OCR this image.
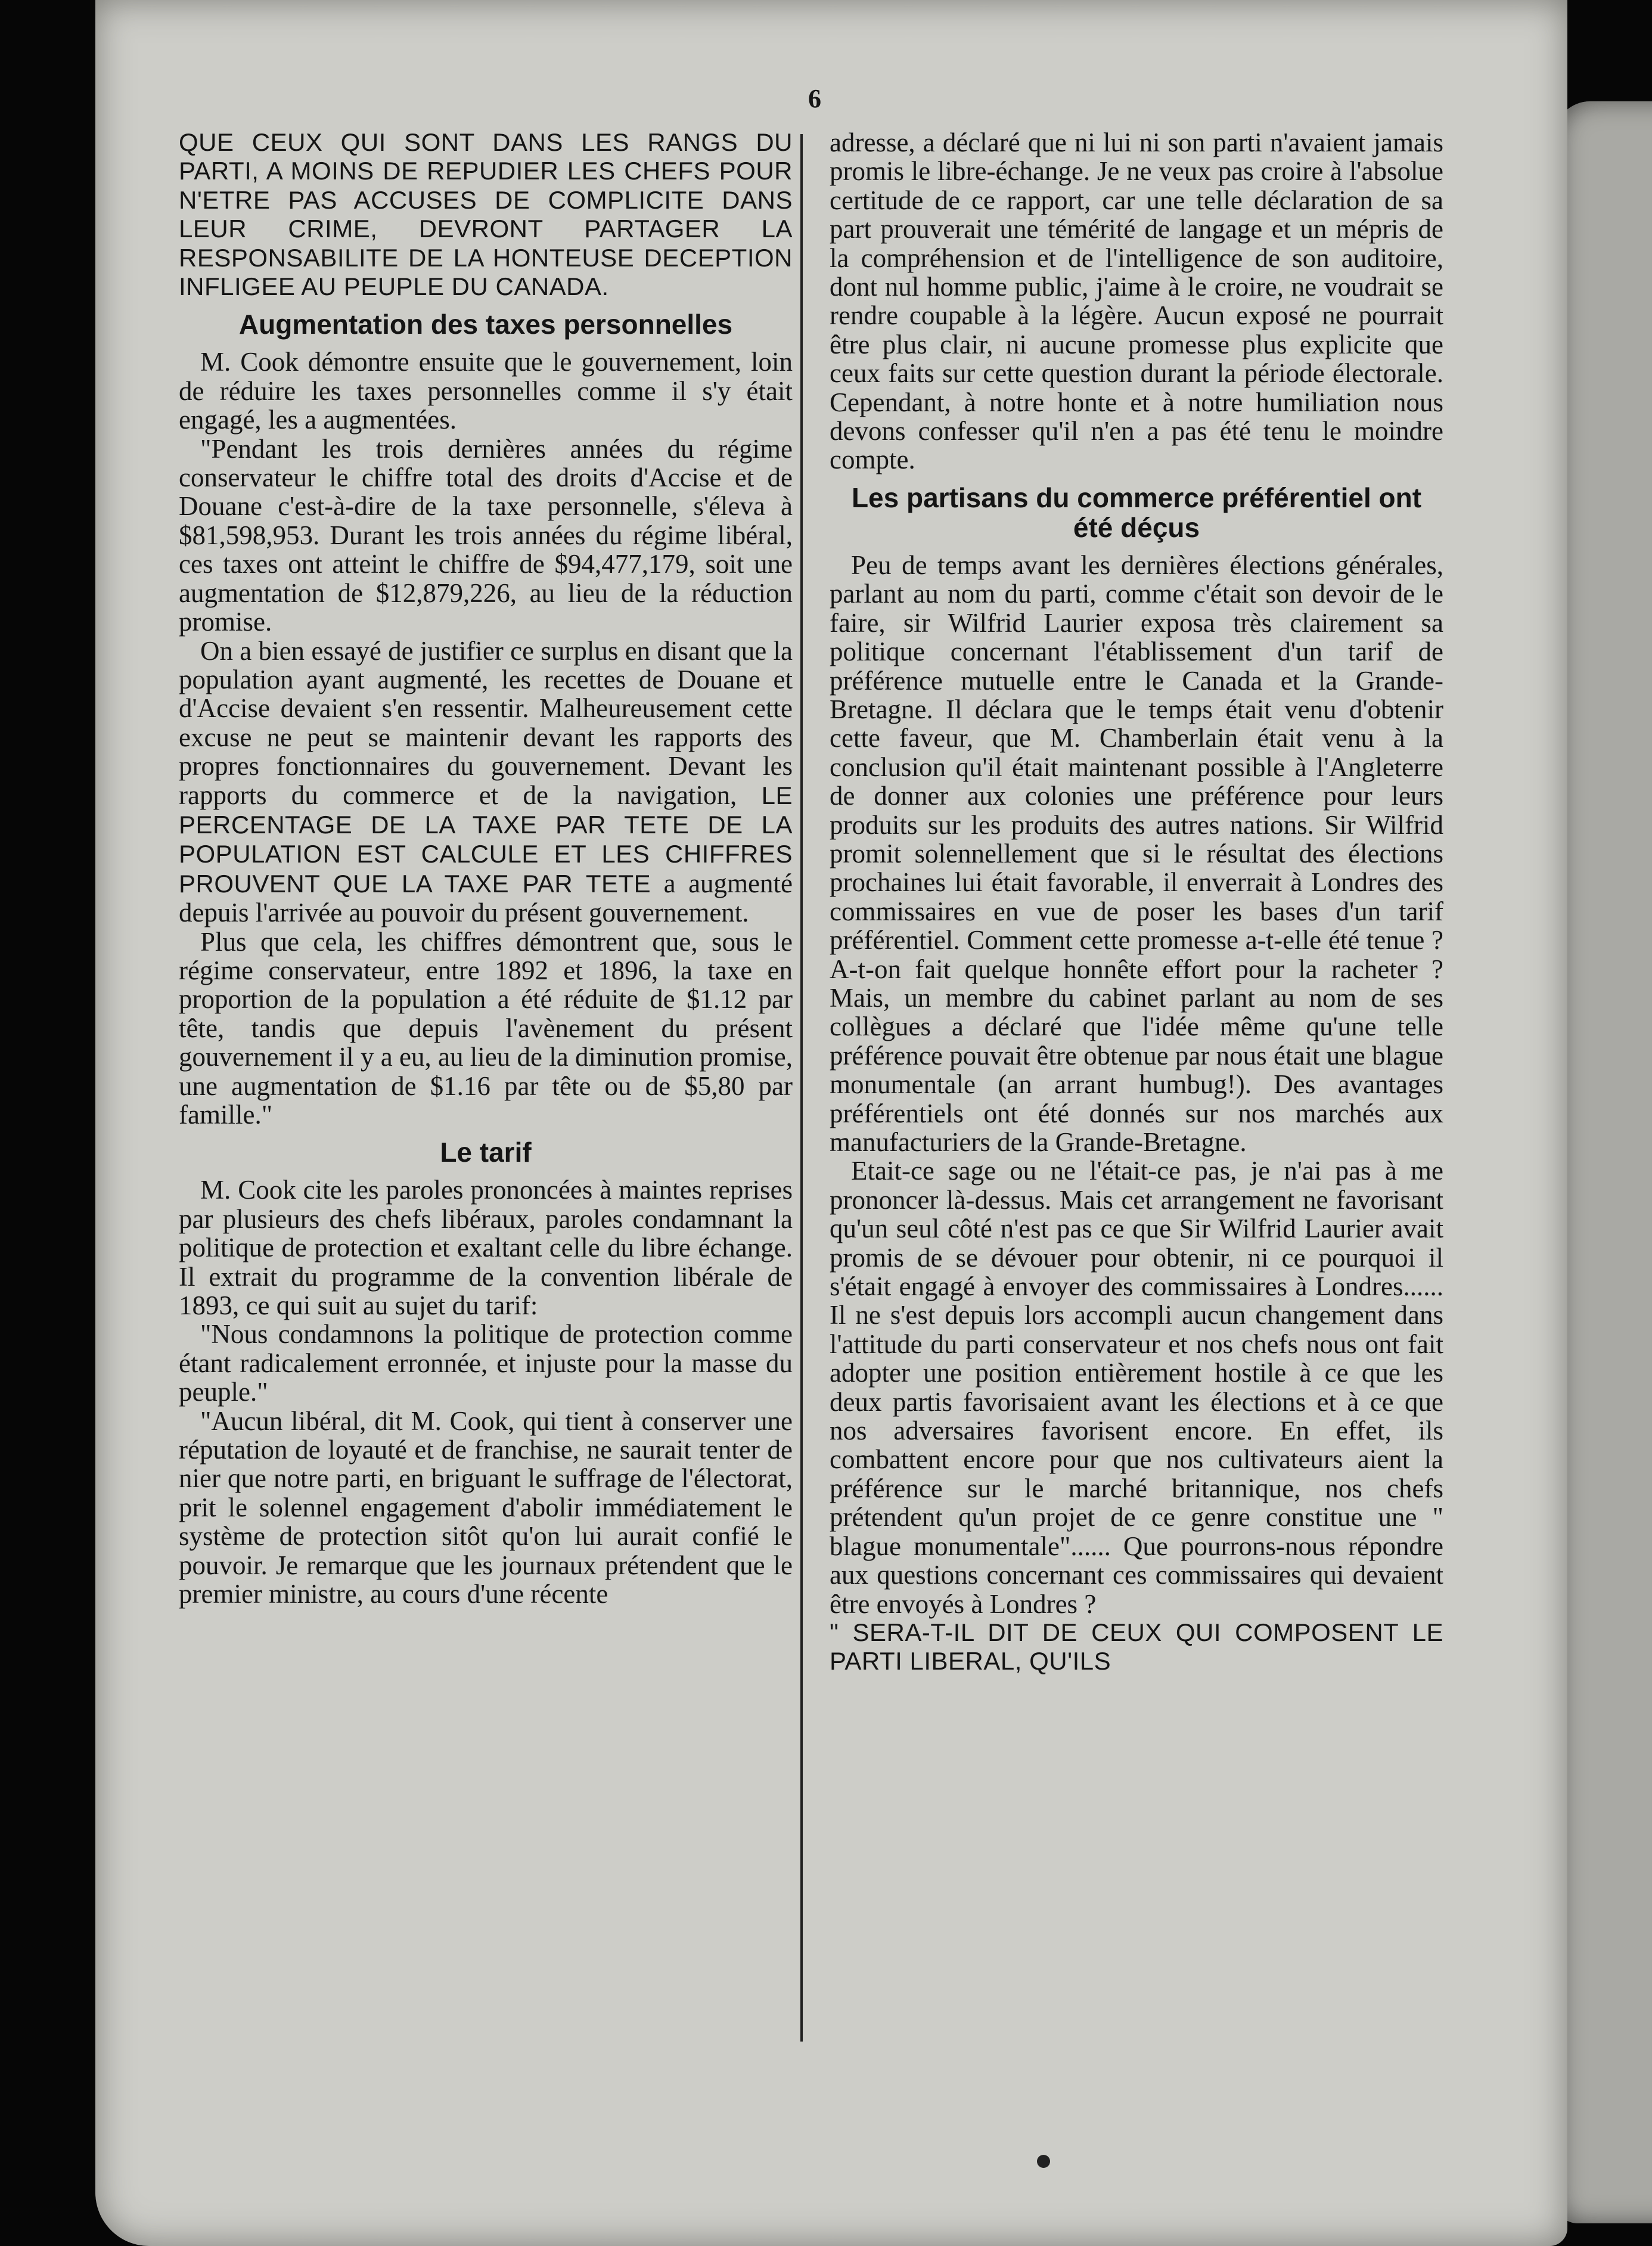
6

QUE CEUX QUI SONT DANS LES RANGS DU PARTI, A MOINS DE REPUDIER LES CHEFS POUR N'ETRE PAS ACCUSES DE COMPLICITE DANS LEUR CRIME, DEVRONT PARTAGER LA RESPONSABILITE DE LA HONTEUSE DECEPTION INFLIGEE AU PEUPLE DU CANADA.

Augmentation des taxes personnelles

M. Cook démontre ensuite que le gouvernement, loin de réduire les taxes personnelles comme il s'y était engagé, les a augmentées.

"Pendant les trois dernières années du régime conservateur le chiffre total des droits d'Accise et de Douane c'est-à-dire de la taxe personnelle, s'éleva à $81,598,953. Durant les trois années du régime libéral, ces taxes ont atteint le chiffre de $94,477,179, soit une augmentation de $12,879,226, au lieu de la réduction promise.

On a bien essayé de justifier ce surplus en disant que la population ayant augmenté, les recettes de Douane et d'Accise devaient s'en ressentir. Malheureusement cette excuse ne peut se maintenir devant les rapports des propres fonctionnaires du gouvernement. Devant les rapports du commerce et de la navigation, LE PERCENTAGE DE LA TAXE PAR TETE DE LA POPULATION EST CALCULE ET LES CHIFFRES PROUVENT QUE LA TAXE PAR TETE a augmenté depuis l'arrivée au pouvoir du présent gouvernement.

Plus que cela, les chiffres démontrent que, sous le régime conservateur, entre 1892 et 1896, la taxe en proportion de la population a été réduite de $1.12 par tête, tandis que depuis l'avènement du présent gouvernement il y a eu, au lieu de la diminution promise, une augmentation de $1.16 par tête ou de $5,80 par famille."

Le tarif

M. Cook cite les paroles prononcées à maintes reprises par plusieurs des chefs libéraux, paroles condamnant la politique de protection et exaltant celle du libre échange. Il extrait du programme de la convention libérale de 1893, ce qui suit au sujet du tarif:

"Nous condamnons la politique de protection comme étant radicalement erronnée, et injuste pour la masse du peuple."

"Aucun libéral, dit M. Cook, qui tient à conserver une réputation de loyauté et de franchise, ne saurait tenter de nier que notre parti, en briguant le suffrage de l'électorat, prit le solennel engagement d'abolir immédiatement le système de protection sitôt qu'on lui aurait confié le pouvoir. Je remarque que les journaux prétendent que le premier ministre, au cours d'une récente

adresse, a déclaré que ni lui ni son parti n'avaient jamais promis le libre-échange. Je ne veux pas croire à l'absolue certitude de ce rapport, car une telle déclaration de sa part prouverait une témérité de langage et un mépris de la compréhension et de l'intelligence de son auditoire, dont nul homme public, j'aime à le croire, ne voudrait se rendre coupable à la légère. Aucun exposé ne pourrait être plus clair, ni aucune promesse plus explicite que ceux faits sur cette question durant la période électorale. Cependant, à notre honte et à notre humiliation nous devons confesser qu'il n'en a pas été tenu le moindre compte.

Les partisans du commerce préférentiel ont été déçus

Peu de temps avant les dernières élections générales, parlant au nom du parti, comme c'était son devoir de le faire, sir Wilfrid Laurier exposa très clairement sa politique concernant l'établissement d'un tarif de préférence mutuelle entre le Canada et la Grande-Bretagne. Il déclara que le temps était venu d'obtenir cette faveur, que M. Chamberlain était venu à la conclusion qu'il était maintenant possible à l'Angleterre de donner aux colonies une préférence pour leurs produits sur les produits des autres nations. Sir Wilfrid promit solennellement que si le résultat des élections prochaines lui était favorable, il enverrait à Londres des commissaires en vue de poser les bases d'un tarif préférentiel. Comment cette promesse a-t-elle été tenue ? A-t-on fait quelque honnête effort pour la racheter ? Mais, un membre du cabinet parlant au nom de ses collègues a déclaré que l'idée même qu'une telle préférence pouvait être obtenue par nous était une blague monumentale (an arrant humbug!). Des avantages préférentiels ont été donnés sur nos marchés aux manufacturiers de la Grande-Bretagne.

Etait-ce sage ou ne l'était-ce pas, je n'ai pas à me prononcer là-dessus. Mais cet arrangement ne favorisant qu'un seul côté n'est pas ce que Sir Wilfrid Laurier avait promis de se dévouer pour obtenir, ni ce pourquoi il s'était engagé à envoyer des commissaires à Londres...... Il ne s'est depuis lors accompli aucun changement dans l'attitude du parti conservateur et nos chefs nous ont fait adopter une position entièrement hostile à ce que les deux partis favorisaient avant les élections et à ce que nos adversaires favorisent encore. En effet, ils combattent encore pour que nos cultivateurs aient la préférence sur le marché britannique, nos chefs prétendent qu'un projet de ce genre constitue une " blague monumentale"...... Que pourrons-nous répondre aux questions concernant ces commissaires qui devaient être envoyés à Londres ?

" SERA-T-IL DIT DE CEUX QUI COMPOSENT LE PARTI LIBERAL, QU'ILS
